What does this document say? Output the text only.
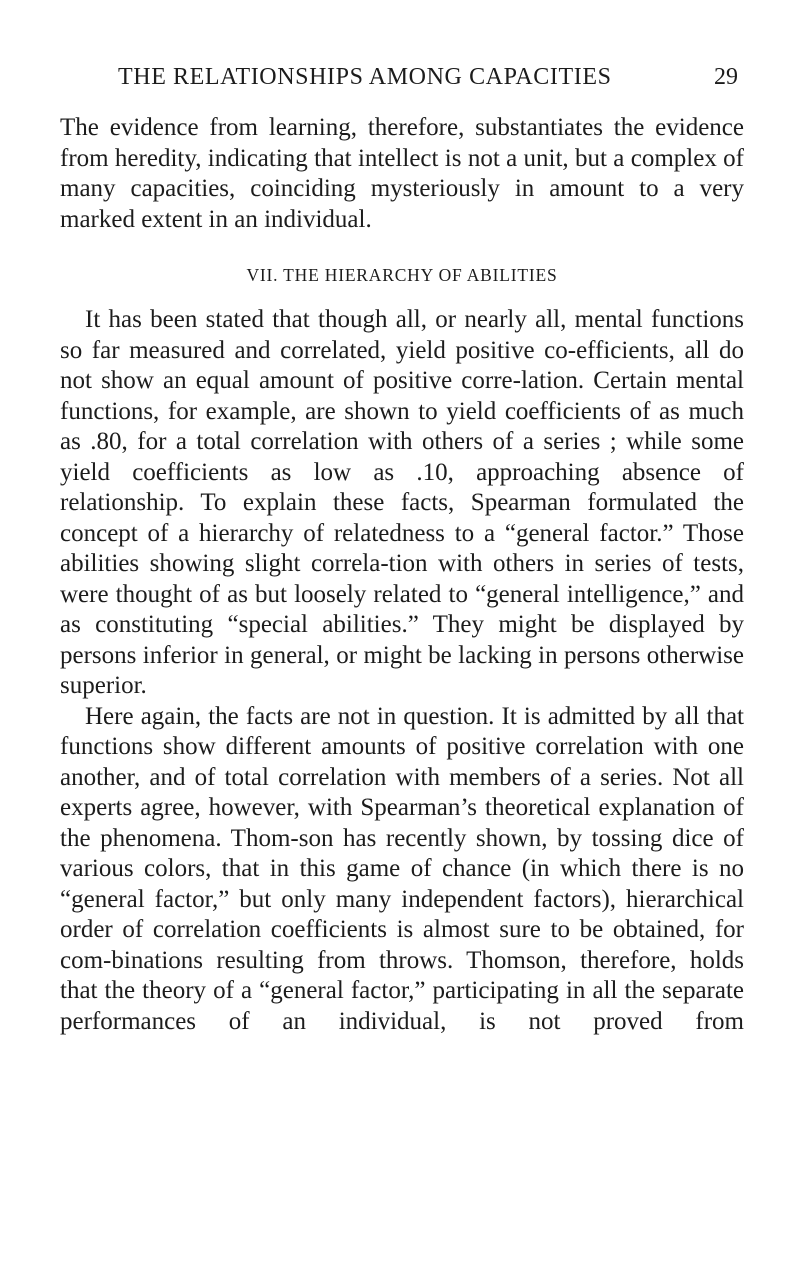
THE RELATIONSHIPS AMONG CAPACITIES	29

The evidence from learning, therefore, substantiates the evidence from heredity, indicating that intellect is not a unit, but a complex of many capacities, coinciding mysteriously in amount to a very marked extent in an individual.

VII. THE HIERARCHY OF ABILITIES

It has been stated that though all, or nearly all, mental functions so far measured and correlated, yield positive co-efficients, all do not show an equal amount of positive corre-lation. Certain mental functions, for example, are shown to yield coefficients of as much as .80, for a total correlation with others of a series ; while some yield coefficients as low as .10, approaching absence of relationship. To explain these facts, Spearman formulated the concept of a hierarchy of relatedness to a “general factor.” Those abilities showing slight correla-tion with others in series of tests, were thought of as but loosely related to “general intelligence,” and as constituting “special abilities.” They might be displayed by persons inferior in general, or might be lacking in persons otherwise superior.

Here again, the facts are not in question. It is admitted by all that functions show different amounts of positive correlation with one another, and of total correlation with members of a series. Not all experts agree, however, with Spearman’s theoretical explanation of the phenomena. Thom-son has recently shown, by tossing dice of various colors, that in this game of chance (in which there is no “general factor,” but only many independent factors), hierarchical order of correlation coefficients is almost sure to be obtained, for com-binations resulting from throws. Thomson, therefore, holds that the theory of a “general factor,” participating in all the separate performances of an individual, is not proved from
